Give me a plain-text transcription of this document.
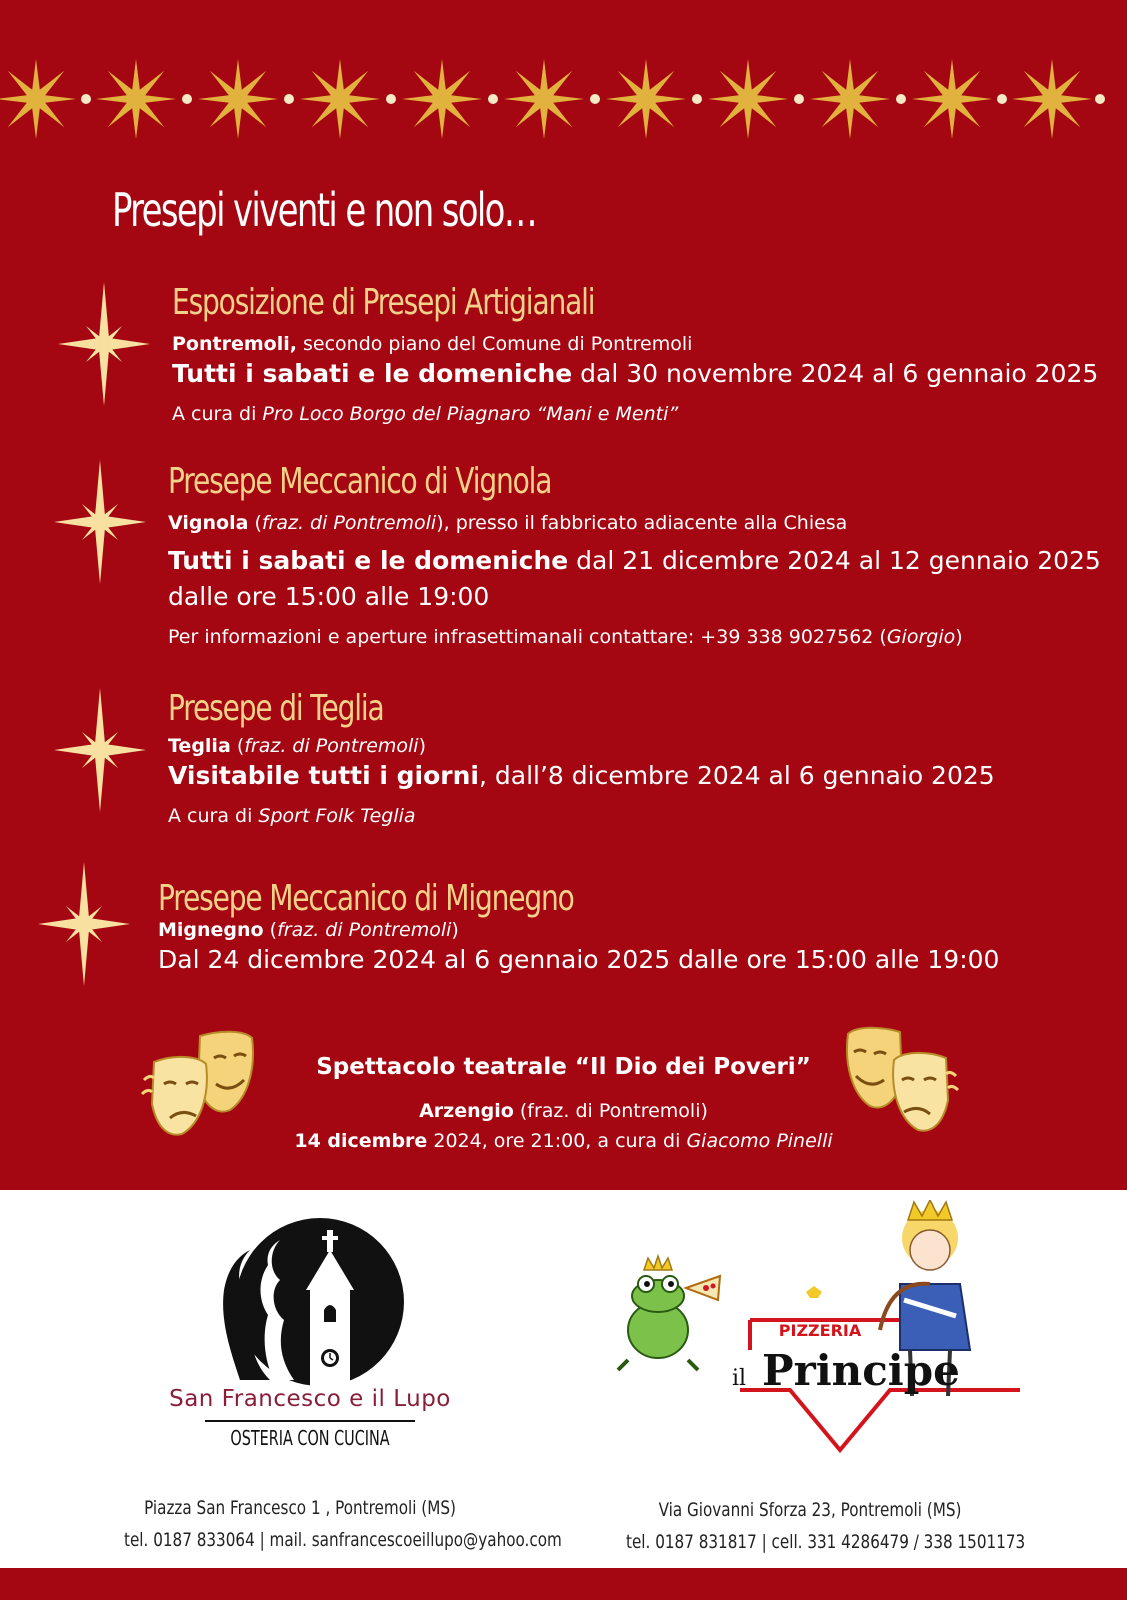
Presepi viventi e non solo…
Esposizione di Presepi Artigianali
Pontremoli, secondo piano del Comune di Pontremoli
Tutti i sabati e le domeniche dal 30 novembre 2024 al 6 gennaio 2025
A cura di Pro Loco Borgo del Piagnaro “Mani e Menti”
Presepe Meccanico di Vignola
Vignola (fraz. di Pontremoli), presso il fabbricato adiacente alla Chiesa
Tutti i sabati e le domeniche dal 21 dicembre 2024 al 12 gennaio 2025
dalle ore 15:00 alle 19:00
Per informazioni e aperture infrasettimanali contattare: +39 338 9027562 (Giorgio)
Presepe di Teglia
Teglia (fraz. di Pontremoli)
Visitabile tutti i giorni, dall’8 dicembre 2024 al 6 gennaio 2025
A cura di Sport Folk Teglia
Presepe Meccanico di Mignegno
Mignegno (fraz. di Pontremoli)
Dal 24 dicembre 2024 al 6 gennaio 2025 dalle ore 15:00 alle 19:00
Spettacolo teatrale “Il Dio dei Poveri”
Arzengio (fraz. di Pontremoli)
14 dicembre 2024, ore 21:00, a cura di Giacomo Pinelli
San Francesco e il Lupo
OSTERIA CON CUCINA
PIZZERIA
il Principe
Piazza San Francesco 1 , Pontremoli (MS)
tel. 0187 833064 | mail. sanfrancescoeillupo@yahoo.com
Via Giovanni Sforza 23, Pontremoli (MS)
tel. 0187 831817 | cell. 331 4286479 / 338 1501173
